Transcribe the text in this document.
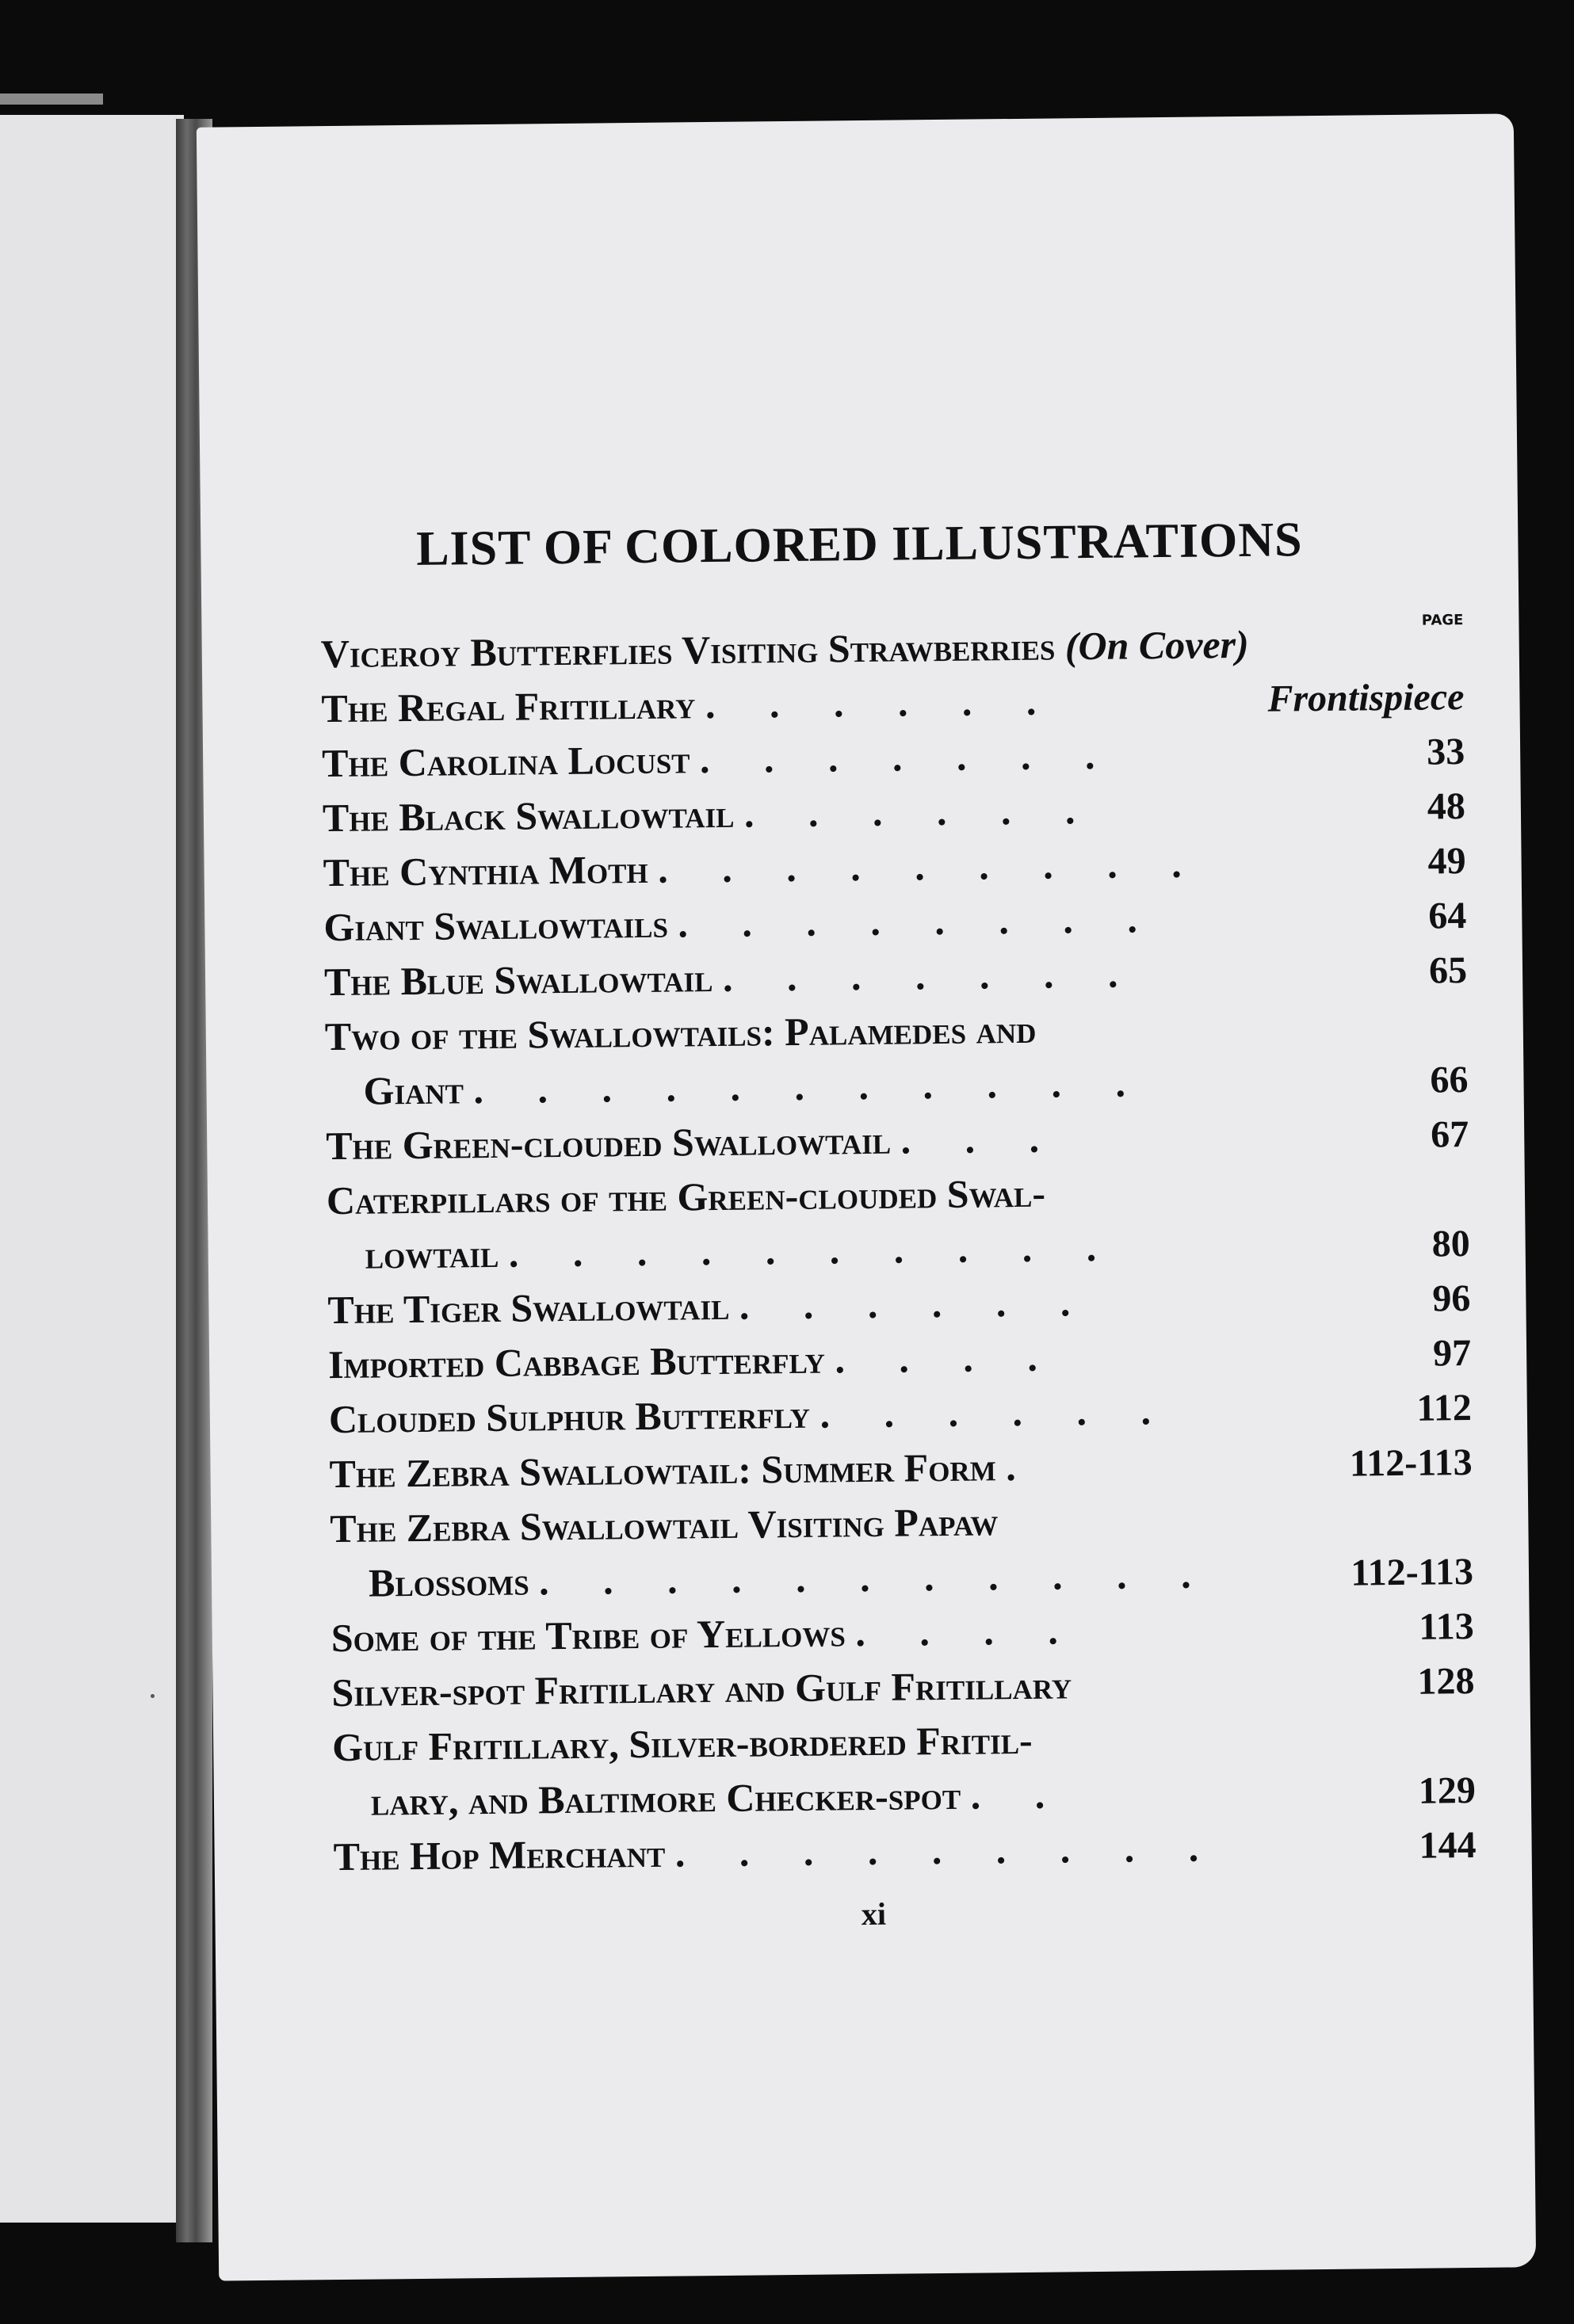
LIST OF COLORED ILLUSTRATIONS
PAGE
Viceroy Butterflies Visiting Strawberries (On Cover)
The Regal Fritillary . . . . . .	Frontispiece
The Carolina Locust . . . . . . .	33
The Black Swallowtail . . . . . .	48
The Cynthia Moth . . . . . . . . .	49
Giant Swallowtails . . . . . . . .	64
The Blue Swallowtail . . . . . . .	65
Two of the Swallowtails: Palamedes and
Giant . . . . . . . . . . .	66
The Green-clouded Swallowtail . . .	67
Caterpillars of the Green-clouded Swal-
lowtail . . . . . . . . . .	80
The Tiger Swallowtail . . . . . .	96
Imported Cabbage Butterfly . . . .	97
Clouded Sulphur Butterfly . . . . . .	112
The Zebra Swallowtail: Summer Form .	112-113
The Zebra Swallowtail Visiting Papaw
Blossoms . . . . . . . . . . .	112-113
Some of the Tribe of Yellows . . . .	113
Silver-spot Fritillary and Gulf Fritillary	128
Gulf Fritillary, Silver-bordered Fritil-
lary, and Baltimore Checker-spot . .	129
The Hop Merchant . . . . . . . . .	144
xi
